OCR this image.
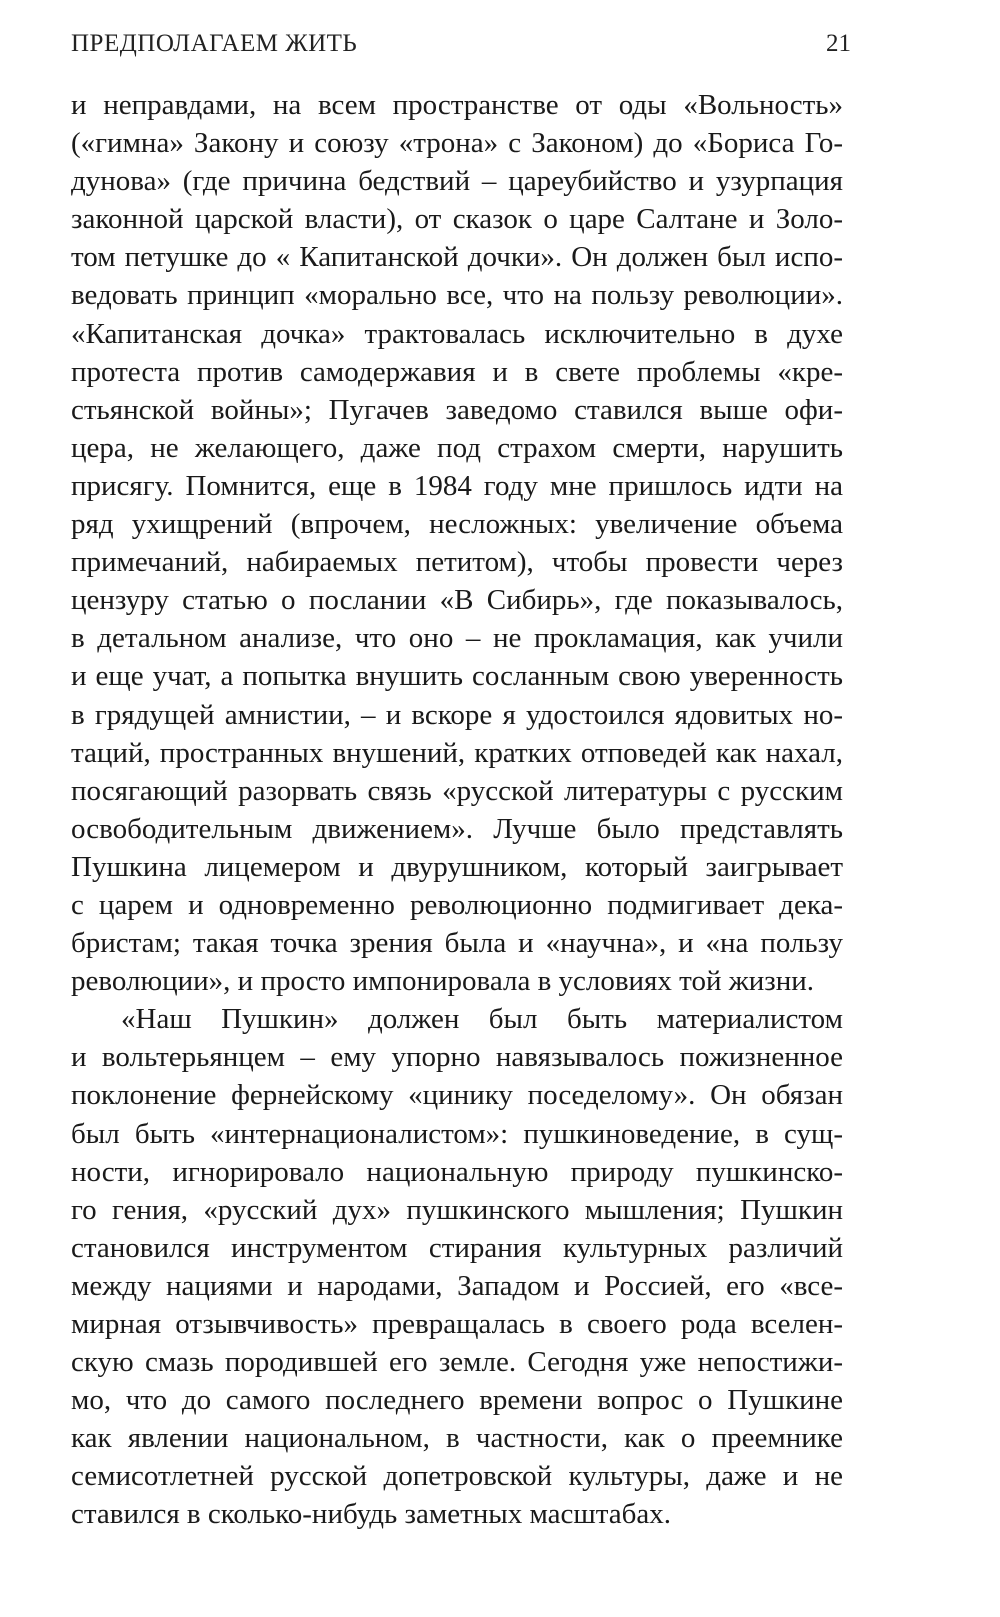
ПРЕДПОЛАГАЕМ ЖИТЬ	21
и неправдами, на всем пространстве от оды «Вольность»
(«гимна» Закону и союзу «трона» с Законом) до «Бориса Го-
дунова» (где причина бедствий – цареубийство и узурпация
законной царской власти), от сказок о царе Салтане и Золо-
том петушке до « Капитанской дочки». Он должен был испо-
ведовать принцип «морально все, что на пользу революции».
«Капитанская дочка» трактовалась исключительно в духе
протеста против самодержавия и в свете проблемы «кре-
стьянской войны»; Пугачев заведомо ставился выше офи-
цера, не желающего, даже под страхом смерти, нарушить
присягу. Помнится, еще в 1984 году мне пришлось идти на
ряд ухищрений (впрочем, несложных: увеличение объема
примечаний, набираемых петитом), чтобы провести через
цензуру статью о послании «В Сибирь», где показывалось,
в детальном анализе, что оно – не прокламация, как учили
и еще учат, а попытка внушить сосланным свою уверенность
в грядущей амнистии, – и вскоре я удостоился ядовитых но-
таций, пространных внушений, кратких отповедей как нахал,
посягающий разорвать связь «русской литературы с русским
освободительным движением». Лучше было представлять
Пушкина лицемером и двурушником, который заигрывает
с царем и одновременно революционно подмигивает дека-
бристам; такая точка зрения была и «научна», и «на пользу
революции», и просто импонировала в условиях той жизни.
«Наш Пушкин» должен был быть материалистом
и вольтерьянцем – ему упорно навязывалось пожизненное
поклонение фернейскому «цинику поседелому». Он обязан
был быть «интернационалистом»: пушкиноведение, в сущ-
ности, игнорировало национальную природу пушкинско-
го гения, «русский дух» пушкинского мышления; Пушкин
становился инструментом стирания культурных различий
между нациями и народами, Западом и Россией, его «все-
мирная отзывчивость» превращалась в своего рода вселен-
скую смазь породившей его земле. Сегодня уже непостижи-
мо, что до самого последнего времени вопрос о Пушкине
как явлении национальном, в частности, как о преемнике
семисотлетней русской допетровской культуры, даже и не
ставился в сколько-нибудь заметных масштабах.
